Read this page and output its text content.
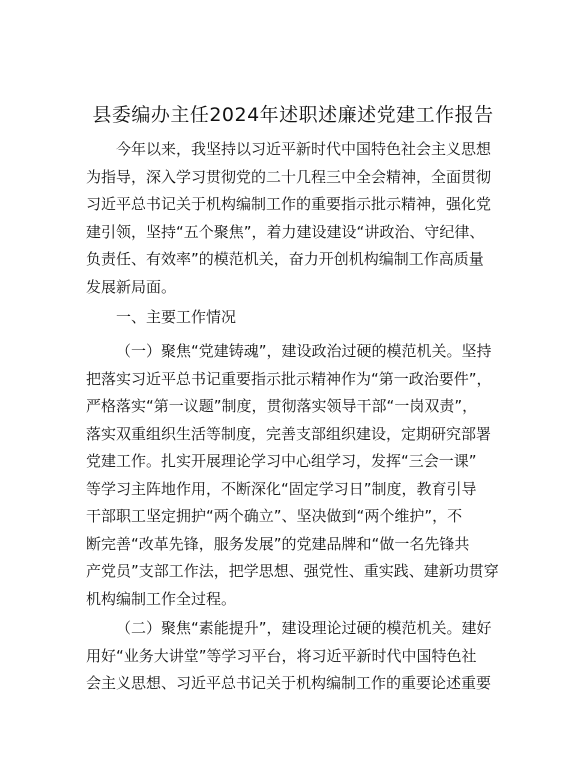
县委编办主任2024年述职述廉述党建工作报告
今年以来，我坚持以习近平新时代中国特色社会主义思想
为指导，深入学习贯彻党的二十几程三中全会精神，全面贯彻
习近平总书记关于机构编制工作的重要指示批示精神，强化党
建引领，坚持“五个聚焦”，着力建设建设“讲政治、守纪律、
负责任、有效率”的模范机关，奋力开创机构编制工作高质量
发展新局面。
一、主要工作情况
（一）聚焦“党建铸魂”，建设政治过硬的模范机关。坚持
把落实习近平总书记重要指示批示精神作为“第一政治要件”，
严格落实“第一议题”制度，贯彻落实领导干部“一岗双责”，
落实双重组织生活等制度，完善支部组织建设，定期研究部署
党建工作。扎实开展理论学习中心组学习，发挥“三会一课”
等学习主阵地作用，不断深化“固定学习日”制度，教育引导
干部职工坚定拥护“两个确立”、坚决做到“两个维护”，不
断完善“改革先锋，服务发展”的党建品牌和“做一名先锋共
产党员”支部工作法，把学思想、强党性、重实践、建新功贯穿
机构编制工作全过程。
（二）聚焦“素能提升”，建设理论过硬的模范机关。建好
用好“业务大讲堂”等学习平台，将习近平新时代中国特色社
会主义思想、习近平总书记关于机构编制工作的重要论述重要
